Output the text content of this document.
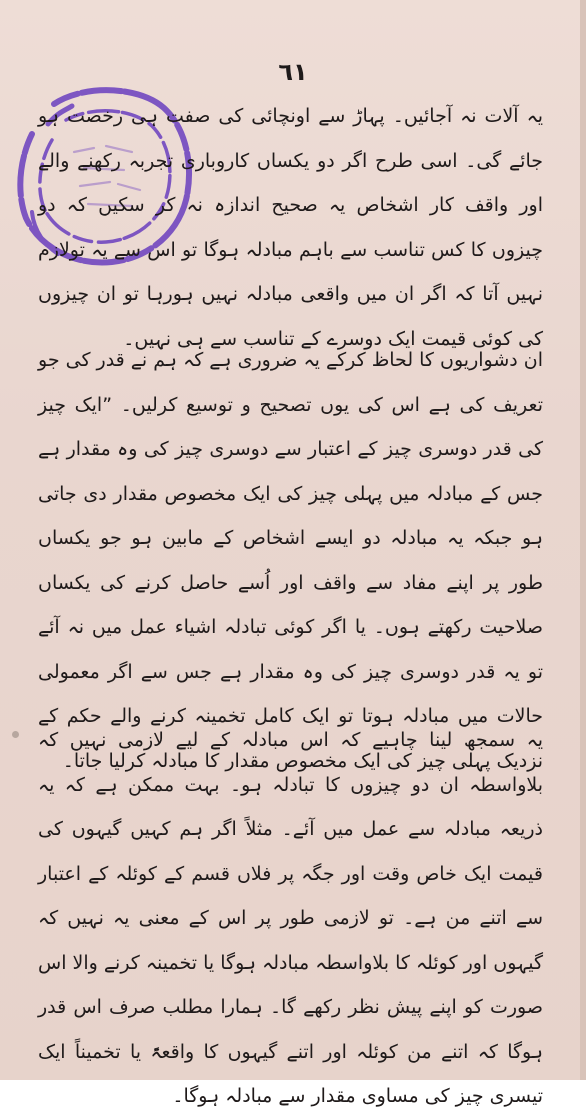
٦١
یہ آلات نہ آجائیں۔ پہاڑ سے اونچائی کی صفت ہی رخصت ہو جائے گی۔ اسی طرح اگر دو یکساں کاروباری تجربہ رکھنے والے اور واقف کار اشخاص یہ صحیح اندازہ نہ کر سکیں کہ دو چیزوں کا کس تناسب سے باہم مبادلہ ہوگا تو اس سے یہ تولازم نہیں آتا کہ اگر ان میں واقعی مبادلہ نہیں ہورہا تو ان چیزوں کی کوئی قیمت ایک دوسرے کے تناسب سے ہی نہیں۔
ان دشواریوں کا لحاظ کرکے یہ ضروری ہے کہ ہم نے قدر کی جو تعریف کی ہے اس کی یوں تصحیح و توسیع کرلیں۔ ”ایک چیز کی قدر دوسری چیز کے اعتبار سے دوسری چیز کی وہ مقدار ہے جس کے مبادلہ میں پہلی چیز کی ایک مخصوص مقدار دی جاتی ہو جبکہ یہ مبادلہ دو ایسے اشخاص کے مابین ہو جو یکساں طور پر اپنے مفاد سے واقف اور اُسے حاصل کرنے کی یکساں صلاحیت رکھتے ہوں۔ یا اگر کوئی تبادلہ اشیاء عمل میں نہ آئے تو یہ قدر دوسری چیز کی وہ مقدار ہے جس سے اگر معمولی حالات میں مبادلہ ہوتا تو ایک کامل تخمینہ کرنے والے حکم کے نزدیک پہلی چیز کی ایک مخصوص مقدار کا مبادلہ کرلیا جاتا۔
یہ سمجھ لینا چاہیے کہ اس مبادلہ کے لیے لازمی نہیں کہ بلاواسطہ ان دو چیزوں کا تبادلہ ہو۔ بہت ممکن ہے کہ یہ ذریعہ مبادلہ سے عمل میں آئے۔ مثلاً اگر ہم کہیں گیہوں کی قیمت ایک خاص وقت اور جگہ پر فلاں قسم کے کوئلہ کے اعتبار سے اتنے من ہے۔ تو لازمی طور پر اس کے معنی یہ نہیں کہ گیہوں اور کوئلہ کا بلاواسطہ مبادلہ ہوگا یا تخمینہ کرنے والا اس صورت کو اپنے پیش نظر رکھے گا۔ ہمارا مطلب صرف اس قدر ہوگا کہ اتنے من کوئلہ اور اتنے گیہوں کا واقعۃً یا تخمیناً ایک تیسری چیز کی مساوی مقدار سے مبادلہ ہوگا۔
